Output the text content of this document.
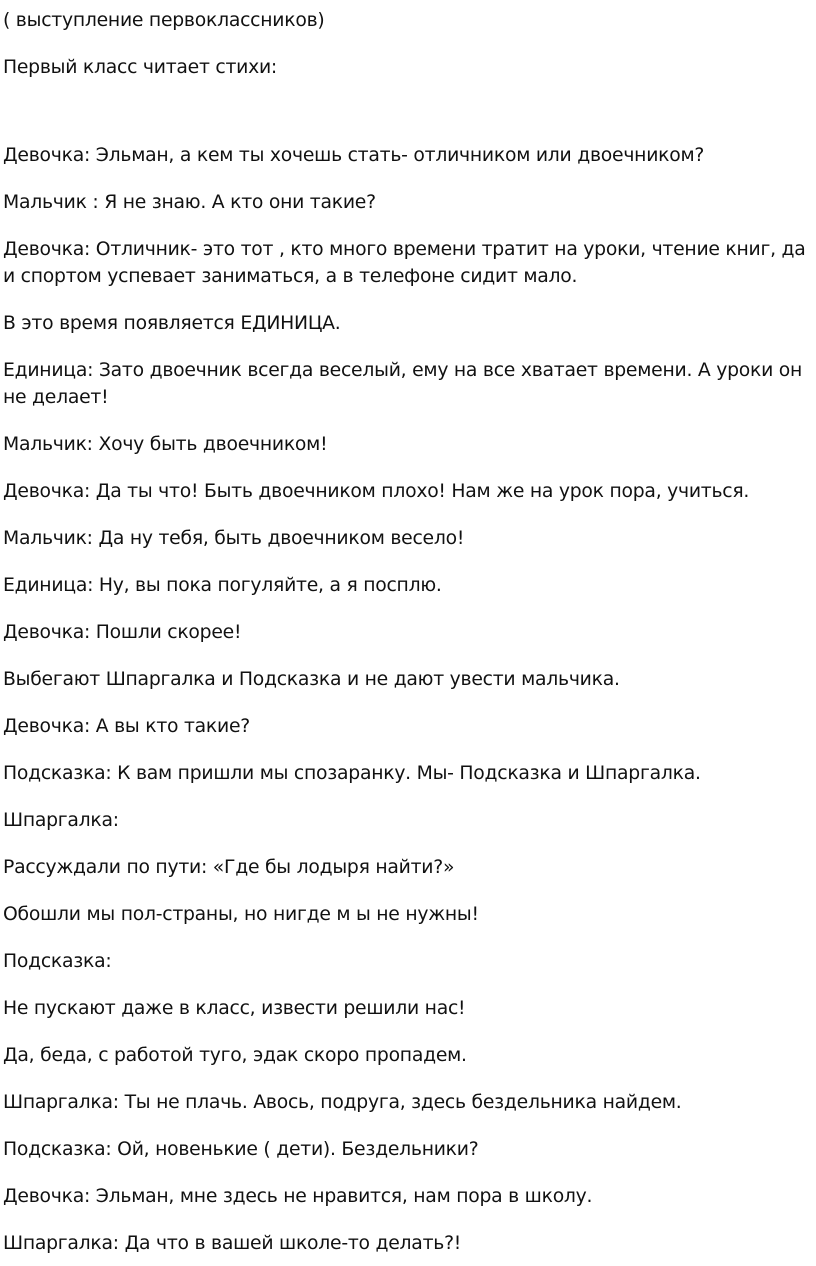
( выступление первоклассников)

Первый класс читает стихи:

Девочка: Эльман, а кем ты хочешь стать- отличником или двоечником?

Мальчик : Я не знаю. А кто они такие?

Девочка: Отличник- это тот , кто много времени тратит на уроки, чтение книг, да и спортом успевает заниматься, а в телефоне сидит мало.

В это время появляется ЕДИНИЦА.

Единица: Зато двоечник всегда веселый, ему на все хватает времени. А уроки он не делает!

Мальчик: Хочу быть двоечником!

Девочка: Да ты что! Быть двоечником плохо! Нам же на урок пора, учиться.

Мальчик: Да ну тебя, быть двоечником весело!

Единица: Ну, вы пока погуляйте, а я посплю.

Девочка: Пошли скорее!

Выбегают Шпаргалка и Подсказка и не дают увести мальчика.

Девочка: А вы кто такие?

Подсказка: К вам пришли мы спозаранку. Мы- Подсказка и Шпаргалка.

Шпаргалка:

Рассуждали по пути: «Где бы лодыря найти?»

Обошли мы пол-страны, но нигде м ы не нужны!

Подсказка:

Не пускают даже в класс, извести решили нас!

Да, беда, с работой туго, эдак скоро пропадем.

Шпаргалка: Ты не плачь. Авось, подруга, здесь бездельника найдем.

Подсказка: Ой, новенькие ( дети). Бездельники?

Девочка: Эльман, мне здесь не нравится, нам пора в школу.

Шпаргалка: Да что в вашей школе-то делать?!
